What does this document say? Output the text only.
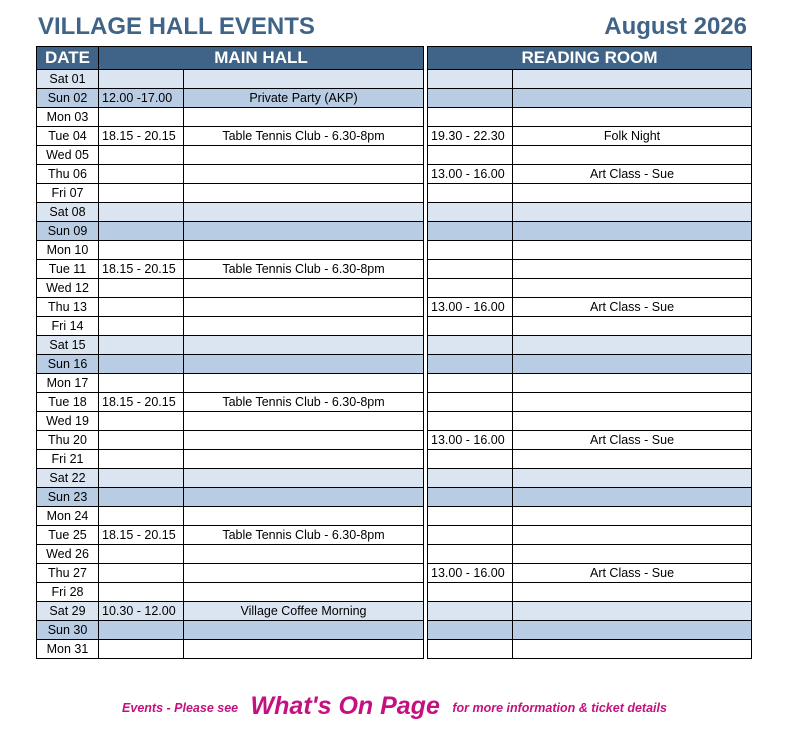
VILLAGE HALL EVENTS	August 2026
DATE	MAIN HALL			READING ROOM	
Sat 01					
Sun 02	12.00 -17.00	Private Party (AKP)			
Mon 03					
Tue 04	18.15 - 20.15	Table Tennis Club - 6.30-8pm		19.30 - 22.30	Folk Night
Wed 05					
Thu 06				13.00 - 16.00	Art Class - Sue
Fri 07					
Sat 08					
Sun 09					
Mon 10					
Tue 11	18.15 - 20.15	Table Tennis Club - 6.30-8pm			
Wed 12					
Thu 13				13.00 - 16.00	Art Class - Sue
Fri 14					
Sat 15					
Sun 16					
Mon 17					
Tue 18	18.15 - 20.15	Table Tennis Club - 6.30-8pm			
Wed 19					
Thu 20				13.00 - 16.00	Art Class - Sue
Fri 21					
Sat 22					
Sun 23					
Mon 24					
Tue 25	18.15 - 20.15	Table Tennis Club - 6.30-8pm			
Wed 26					
Thu 27				13.00 - 16.00	Art Class - Sue
Fri 28					
Sat 29	10.30 - 12.00	Village Coffee Morning			
Sun 30					
Mon 31					
Events - Please see What's On Page for more information & ticket details
